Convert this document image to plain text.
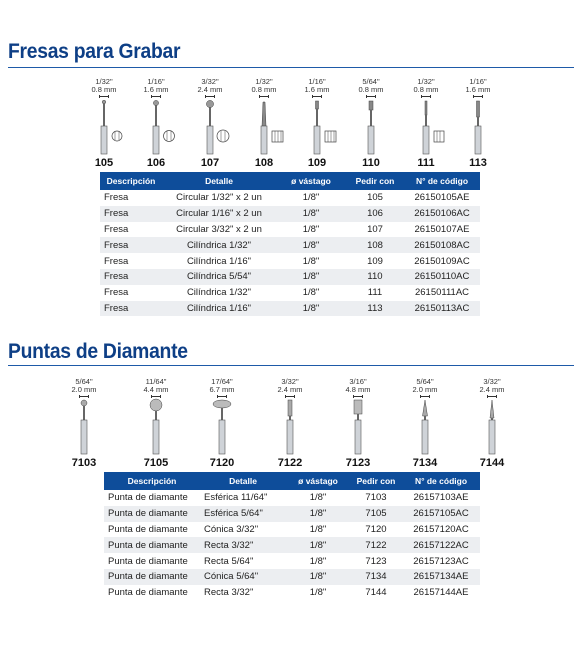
Fresas para Grabar
1/32"
0.8 mm
105
1/16"
1.6 mm
106
3/32"
2.4 mm
107
1/32"
0.8 mm
108
1/16"
1.6 mm
109
5/64"
0.8 mm
110
1/32"
0.8 mm
111
1/16"
1.6 mm
113
Descripción	Detalle	ø vástago	Pedir con	N° de código
Fresa	Circular 1/32" x 2 un	1/8"	105	26150105AE
Fresa	Circular 1/16" x 2 un	1/8"	106	26150106AC
Fresa	Circular 3/32" x 2 un	1/8"	107	26150107AE
Fresa	Cilíndrica 1/32"	1/8"	108	26150108AC
Fresa	Cilíndrica 1/16"	1/8"	109	26150109AC
Fresa	Cilíndrica 5/54"	1/8"	110	26150110AC
Fresa	Cilíndrica 1/32"	1/8"	111	26150111AC
Fresa	Cilíndrica 1/16"	1/8"	113	26150113AC
Puntas de Diamante
5/64"
2.0 mm
7103
11/64"
4.4 mm
7105
17/64"
6.7 mm
7120
3/32"
2.4 mm
7122
3/16"
4.8 mm
7123
5/64"
2.0 mm
7134
3/32"
2.4 mm
7144
Descripción	Detalle	ø vástago	Pedir con	N° de código
Punta de diamante	Esférica 11/64"	1/8"	7103	26157103AE
Punta de diamante	Esférica 5/64"	1/8"	7105	26157105AC
Punta de diamante	Cónica 3/32"	1/8"	7120	26157120AC
Punta de diamante	Recta 3/32"	1/8"	7122	26157122AC
Punta de diamante	Recta 5/64"	1/8"	7123	26157123AC
Punta de diamante	Cónica 5/64"	1/8"	7134	26157134AE
Punta de diamante	Recta 3/32"	1/8"	7144	26157144AE
